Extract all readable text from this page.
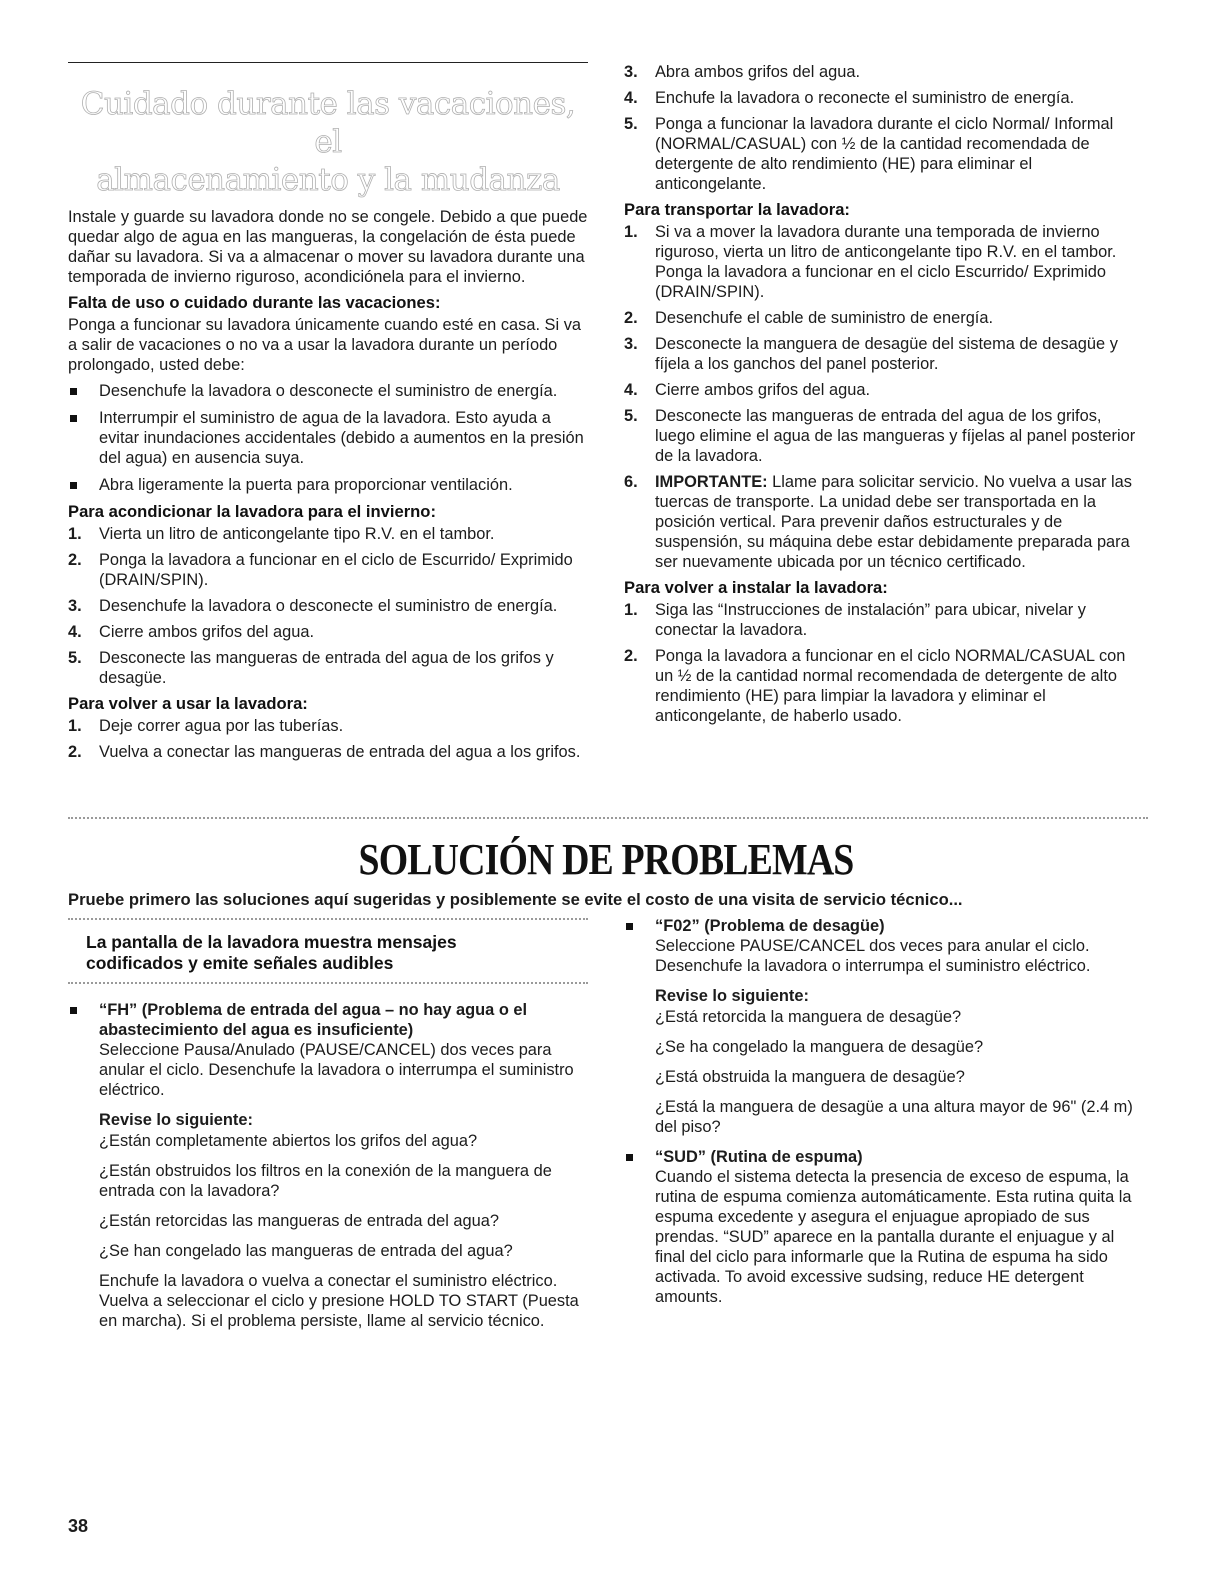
Cuidado durante las vacaciones, el
almacenamiento y la mudanza

Instale y guarde su lavadora donde no se congele. Debido a que puede quedar algo de agua en las mangueras, la congelación de ésta puede dañar su lavadora. Si va a almacenar o mover su lavadora durante una temporada de invierno riguroso, acondiciónela para el invierno.

Falta de uso o cuidado durante las vacaciones:

Ponga a funcionar su lavadora únicamente cuando esté en casa. Si va a salir de vacaciones o no va a usar la lavadora durante un período prolongado, usted debe:

Desenchufe la lavadora o desconecte el suministro de energía.
Interrumpir el suministro de agua de la lavadora. Esto ayuda a evitar inundaciones accidentales (debido a aumentos en la presión del agua) en ausencia suya.
Abra ligeramente la puerta para proporcionar ventilación.
Para acondicionar la lavadora para el invierno:
1. Vierta un litro de anticongelante tipo R.V. en el tambor.
2. Ponga la lavadora a funcionar en el ciclo de Escurrido/ Exprimido (DRAIN/SPIN).
3. Desenchufe la lavadora o desconecte el suministro de energía.
4. Cierre ambos grifos del agua.
5. Desconecte las mangueras de entrada del agua de los grifos y desagüe.
Para volver a usar la lavadora:
1. Deje correr agua por las tuberías.
2. Vuelva a conectar las mangueras de entrada del agua a los grifos.
3. Abra ambos grifos del agua.
4. Enchufe la lavadora o reconecte el suministro de energía.
5. Ponga a funcionar la lavadora durante el ciclo Normal/ Informal (NORMAL/CASUAL) con ½ de la cantidad recomendada de detergente de alto rendimiento (HE) para eliminar el anticongelante.
Para transportar la lavadora:
1. Si va a mover la lavadora durante una temporada de invierno riguroso, vierta un litro de anticongelante tipo R.V. en el tambor. Ponga la lavadora a funcionar en el ciclo Escurrido/ Exprimido (DRAIN/SPIN).
2. Desenchufe el cable de suministro de energía.
3. Desconecte la manguera de desagüe del sistema de desagüe y fíjela a los ganchos del panel posterior.
4. Cierre ambos grifos del agua.
5. Desconecte las mangueras de entrada del agua de los grifos, luego elimine el agua de las mangueras y fíjelas al panel posterior de la lavadora.
6. IMPORTANTE: Llame para solicitar servicio. No vuelva a usar las tuercas de transporte. La unidad debe ser transportada en la posición vertical. Para prevenir daños estructurales y de suspensión, su máquina debe estar debidamente preparada para ser nuevamente ubicada por un técnico certificado.
Para volver a instalar la lavadora:
1. Siga las “Instrucciones de instalación” para ubicar, nivelar y conectar la lavadora.
2. Ponga la lavadora a funcionar en el ciclo NORMAL/CASUAL con un ½ de la cantidad normal recomendada de detergente de alto rendimiento (HE) para limpiar la lavadora y eliminar el anticongelante, de haberlo usado.
SOLUCIÓN DE PROBLEMAS
Pruebe primero las soluciones aquí sugeridas y posiblemente se evite el costo de una visita de servicio técnico...
La pantalla de la lavadora muestra mensajes
codificados y emite señales audibles
“FH” (Problema de entrada del agua – no hay agua o el abastecimiento del agua es insuficiente)
Seleccione Pausa/Anulado (PAUSE/CANCEL) dos veces para anular el ciclo. Desenchufe la lavadora o interrumpa el suministro eléctrico.
Revise lo siguiente:
¿Están completamente abiertos los grifos del agua?
¿Están obstruidos los filtros en la conexión de la manguera de entrada con la lavadora?
¿Están retorcidas las mangueras de entrada del agua?
¿Se han congelado las mangueras de entrada del agua?
Enchufe la lavadora o vuelva a conectar el suministro eléctrico. Vuelva a seleccionar el ciclo y presione HOLD TO START (Puesta en marcha). Si el problema persiste, llame al servicio técnico.
“F02” (Problema de desagüe)
Seleccione PAUSE/CANCEL dos veces para anular el ciclo. Desenchufe la lavadora o interrumpa el suministro eléctrico.
Revise lo siguiente:
¿Está retorcida la manguera de desagüe?
¿Se ha congelado la manguera de desagüe?
¿Está obstruida la manguera de desagüe?
¿Está la manguera de desagüe a una altura mayor de 96" (2.4 m) del piso?
“SUD” (Rutina de espuma)
Cuando el sistema detecta la presencia de exceso de espuma, la rutina de espuma comienza automáticamente. Esta rutina quita la espuma excedente y asegura el enjuague apropiado de sus prendas. “SUD” aparece en la pantalla durante el enjuague y al final del ciclo para informarle que la Rutina de espuma ha sido activada. To avoid excessive sudsing, reduce HE detergent amounts.
38
